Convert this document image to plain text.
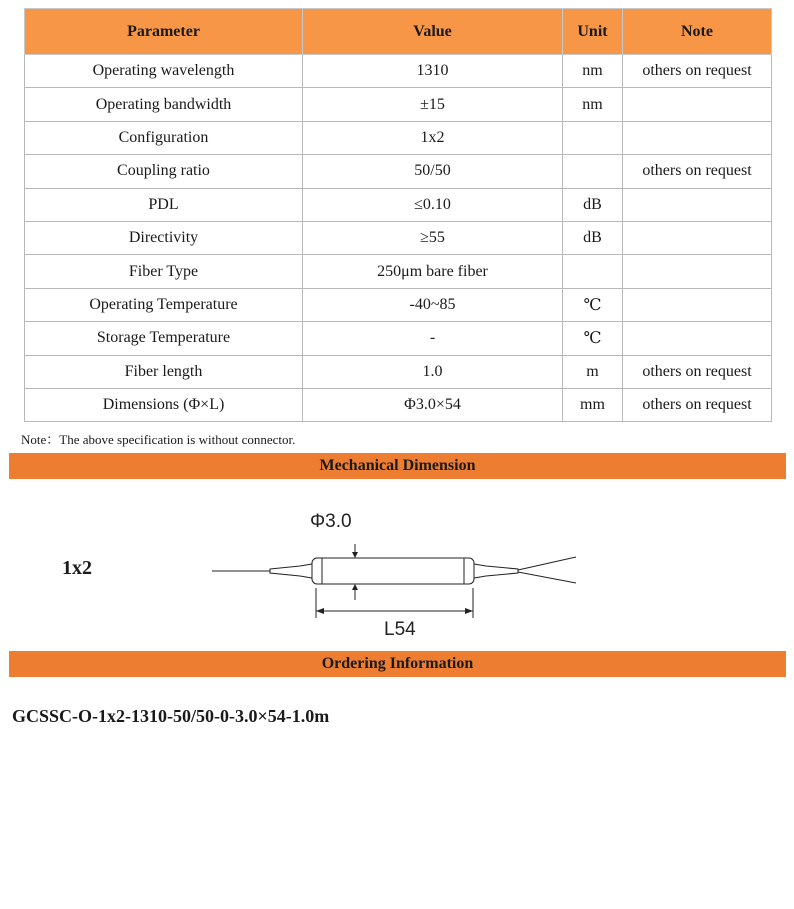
Parameter	Value	Unit	Note
Operating wavelength	1310	nm	others on request
Operating bandwidth	±15	nm	
Configuration	1x2		
Coupling ratio	50/50		others on request
PDL	≤0.10	dB	
Directivity	≥55	dB	
Fiber Type	250μm bare fiber		
Operating Temperature	-40~85	℃	
Storage Temperature	-	℃	
Fiber length	1.0	m	others on request
Dimensions (Φ×L)	Φ3.0×54	mm	others on request
Note：The above specification is without connector.
Mechanical Dimension
1x2
Φ3.0
L54
Ordering Information
GCSSC-O-1x2-1310-50/50-0-3.0×54-1.0m
